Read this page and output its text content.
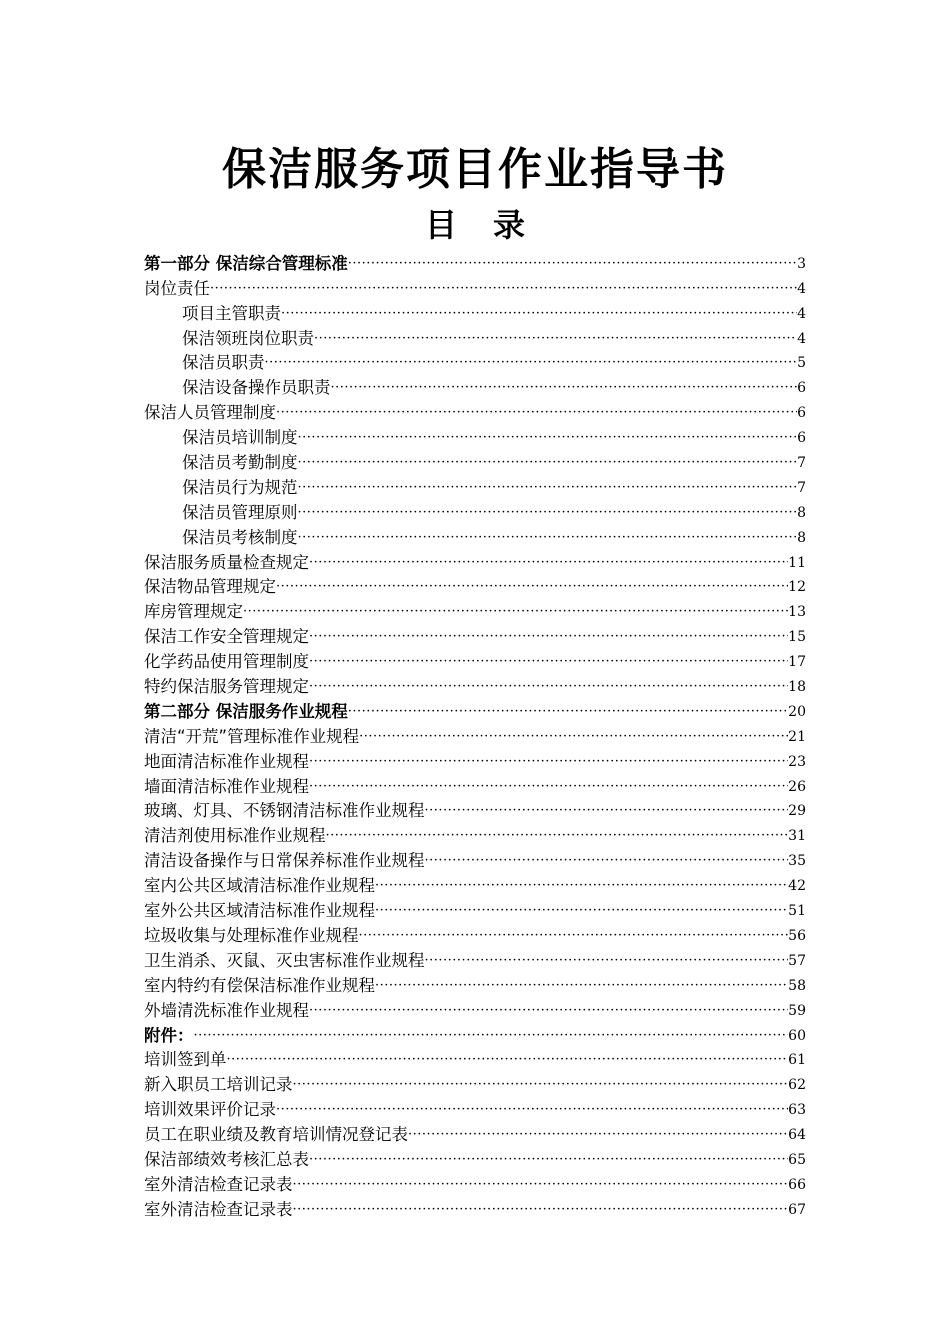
保洁服务项目作业指导书
目 录
第一部分 保洁综合管理标准 ·····	3
岗位责任 ·····	4
项目主管职责 ·····	4
保洁领班岗位职责 ·····	4
保洁员职责 ·····	5
保洁设备操作员职责 ·····	6
保洁人员管理制度 ·····	6
保洁员培训制度 ·····	6
保洁员考勤制度 ·····	7
保洁员行为规范 ·····	7
保洁员管理原则 ·····	8
保洁员考核制度 ·····	8
保洁服务质量检查规定 ·····	11
保洁物品管理规定 ·····	12
库房管理规定 ·····	13
保洁工作安全管理规定 ·····	15
化学药品使用管理制度 ·····	17
特约保洁服务管理规定 ·····	18
第二部分 保洁服务作业规程 ·····	20
清洁“开荒”管理标准作业规程 ·····	21
地面清洁标准作业规程 ·····	23
墙面清洁标准作业规程 ·····	26
玻璃、灯具、不锈钢清洁标准作业规程 ·····	29
清洁剂使用标准作业规程 ·····	31
清洁设备操作与日常保养标准作业规程 ·····	35
室内公共区域清洁标准作业规程 ·····	42
室外公共区域清洁标准作业规程 ·····	51
垃圾收集与处理标准作业规程 ·····	56
卫生消杀、灭鼠、灭虫害标准作业规程 ·····	57
室内特约有偿保洁标准作业规程 ·····	58
外墙清洗标准作业规程 ·····	59
附件： ·····	60
培训签到单 ·····	61
新入职员工培训记录 ·····	62
培训效果评价记录 ·····	63
员工在职业绩及教育培训情况登记表 ·····	64
保洁部绩效考核汇总表 ·····	65
室外清洁检查记录表 ·····	66
室外清洁检查记录表 ·····	67
